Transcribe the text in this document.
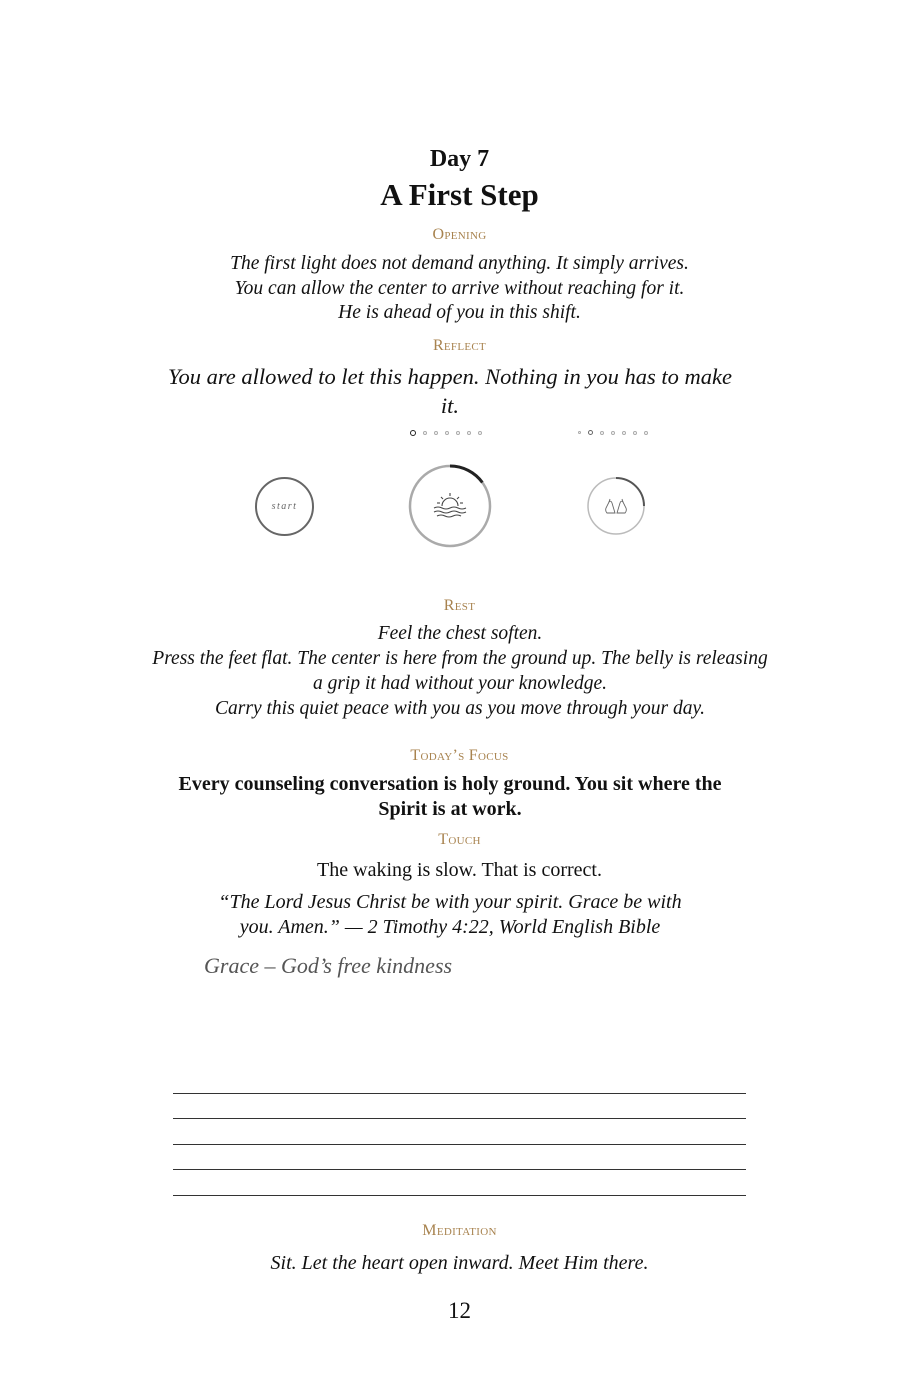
Day 7
A First Step
Opening
The first light does not demand anything. It simply arrives.
You can allow the center to arrive without reaching for it.
He is ahead of you in this shift.
Reflect
You are allowed to let this happen. Nothing in you has to make it.
start
Rest
Feel the chest soften.
Press the feet flat. The center is here from the ground up. The belly is releasing a grip it had without your knowledge.
Carry this quiet peace with you as you move through your day.
Today’s Focus
Every counseling conversation is holy ground. You sit where the Spirit is at work.
Touch
The waking is slow. That is correct.
“The Lord Jesus Christ be with your spirit. Grace be with you. Amen.” — 2 Timothy 4:22, World English Bible
Grace – God’s free kindness
Meditation
Sit. Let the heart open inward. Meet Him there.
12
